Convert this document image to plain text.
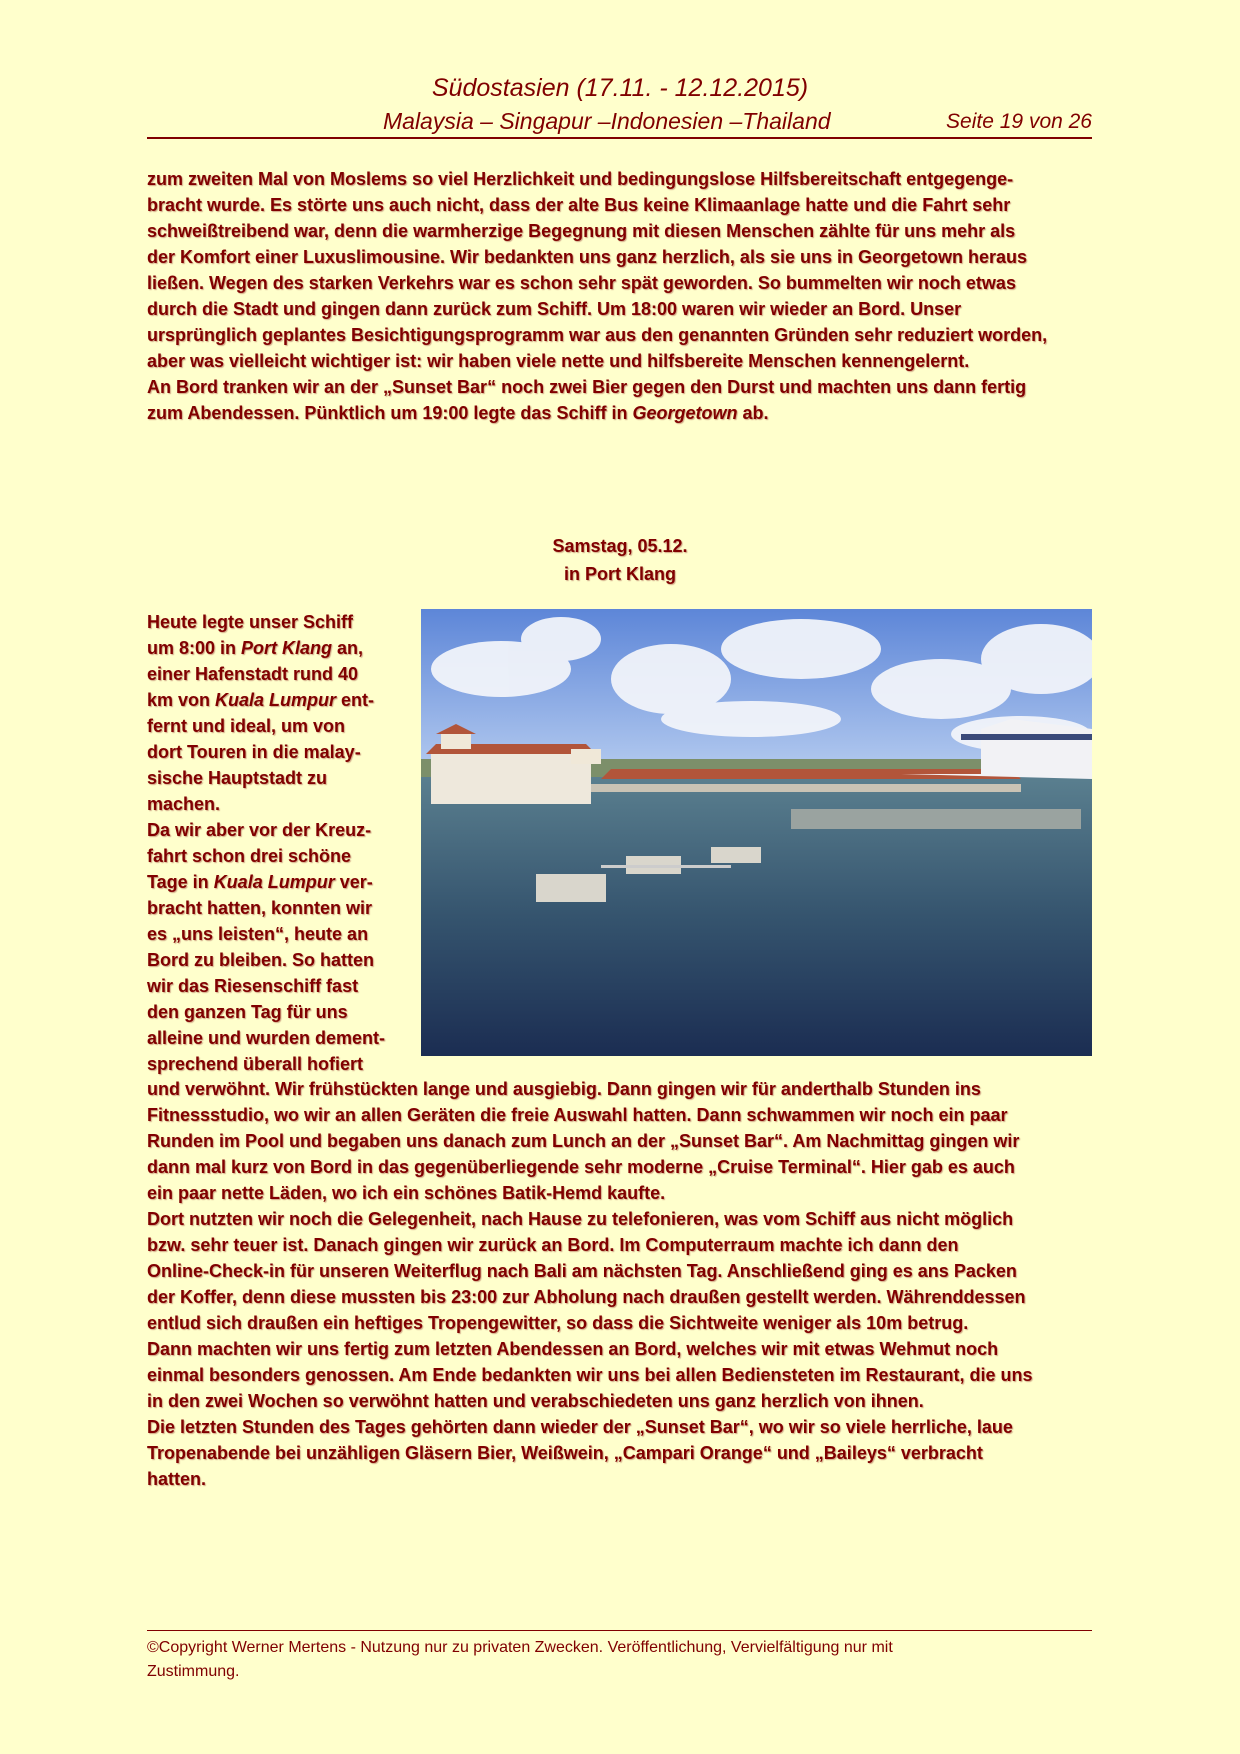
Südostasien (17.11. - 12.12.2015)
Malaysia – Singapur –Indonesien –Thailand	Seite 19 von 26
zum zweiten Mal von Moslems so viel Herzlichkeit und bedingungslose Hilfsbereitschaft entgegenge-
bracht wurde. Es störte uns auch nicht, dass der alte Bus keine Klimaanlage hatte und die Fahrt sehr
schweißtreibend war, denn die warmherzige Begegnung mit diesen Menschen zählte für uns mehr als
der Komfort einer Luxuslimousine. Wir bedankten uns ganz herzlich, als sie uns in Georgetown heraus
ließen. Wegen des starken Verkehrs war es schon sehr spät geworden. So bummelten wir noch etwas
durch die Stadt und gingen dann zurück zum Schiff. Um 18:00 waren wir wieder an Bord. Unser
ursprünglich geplantes Besichtigungsprogramm war aus den genannten Gründen sehr reduziert worden,
aber was vielleicht wichtiger ist: wir haben viele nette und hilfsbereite Menschen kennengelernt.
An Bord tranken wir an der „Sunset Bar“ noch zwei Bier gegen den Durst und machten uns dann fertig
zum Abendessen. Pünktlich um 19:00 legte das Schiff in Georgetown ab.
Samstag, 05.12.
in Port Klang
Heute legte unser Schiff
um 8:00 in Port Klang an,
einer Hafenstadt rund 40
km von Kuala Lumpur ent-
fernt und ideal, um von
dort Touren in die malay-
sische Hauptstadt zu
machen.
Da wir aber vor der Kreuz-
fahrt schon drei schöne
Tage in Kuala Lumpur ver-
bracht hatten, konnten wir
es „uns leisten“, heute an
Bord zu bleiben. So hatten
wir das Riesenschiff fast
den ganzen Tag für uns
alleine und wurden dement-
sprechend überall hofiert
und verwöhnt. Wir frühstückten lange und ausgiebig. Dann gingen wir für anderthalb Stunden ins
Fitnessstudio, wo wir an allen Geräten die freie Auswahl hatten. Dann schwammen wir noch ein paar
Runden im Pool und begaben uns danach zum Lunch an der „Sunset Bar“. Am Nachmittag gingen wir
dann mal kurz von Bord in das gegenüberliegende sehr moderne „Cruise Terminal“. Hier gab es auch
ein paar nette Läden, wo ich ein schönes Batik-Hemd kaufte.
Dort nutzten wir noch die Gelegenheit, nach Hause zu telefonieren, was vom Schiff aus nicht möglich
bzw. sehr teuer ist. Danach gingen wir zurück an Bord. Im Computerraum machte ich dann den
Online-Check-in für unseren Weiterflug nach Bali am nächsten Tag. Anschließend ging es ans Packen
der Koffer, denn diese mussten bis 23:00 zur Abholung nach draußen gestellt werden. Währenddessen
entlud sich draußen ein heftiges Tropengewitter, so dass die Sichtweite weniger als 10m betrug.
Dann machten wir uns fertig zum letzten Abendessen an Bord, welches wir mit etwas Wehmut noch
einmal besonders genossen. Am Ende bedankten wir uns bei allen Bediensteten im Restaurant, die uns
in den zwei Wochen so verwöhnt hatten und verabschiedeten uns ganz herzlich von ihnen.
Die letzten Stunden des Tages gehörten dann wieder der „Sunset Bar“, wo wir so viele herrliche, laue
Tropenabende bei unzähligen Gläsern Bier, Weißwein, „Campari Orange“ und „Baileys“ verbracht
hatten.
©Copyright Werner Mertens - Nutzung nur zu privaten Zwecken. Veröffentlichung, Vervielfältigung nur mit
Zustimmung.
